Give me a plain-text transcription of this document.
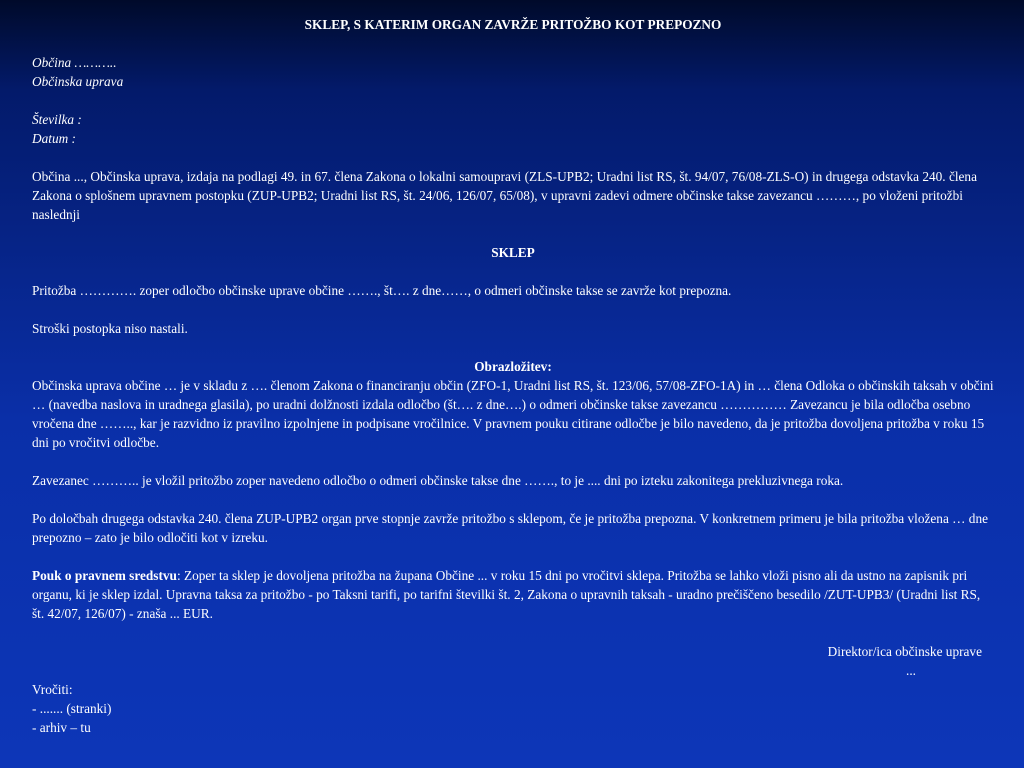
SKLEP, S KATERIM ORGAN ZAVRŽE PRITOŽBO KOT PREPOZNO
Občina ………..
Občinska uprava
Številka :
Datum :

Občina ..., Občinska uprava, izdaja na podlagi 49. in 67. člena Zakona o lokalni samoupravi (ZLS-UPB2; Uradni list RS, št. 94/07, 76/08-ZLS-O) in drugega odstavka 240. člena Zakona o splošnem upravnem postopku (ZUP-UPB2; Uradni list RS, št. 24/06, 126/07, 65/08), v upravni zadevi odmere občinske takse zavezancu ………, po vloženi pritožbi naslednji

SKLEP

Pritožba …………. zoper odločbo občinske uprave občine ……., št…. z dne……, o odmeri občinske takse se zavrže kot prepozna.

Stroški postopka niso nastali.

Obrazložitev:

Občinska uprava občine … je v skladu z …. členom Zakona o financiranju občin (ZFO-1, Uradni list RS, št. 123/06, 57/08-ZFO-1A) in … člena Odloka o občinskih taksah v občini … (navedba naslova in uradnega glasila), po uradni dolžnosti izdala odločbo (št…. z dne….) o odmeri občinske takse zavezancu …………… Zavezancu je bila odločba osebno vročena dne …….., kar je razvidno iz pravilno izpolnjene in podpisane vročilnice. V pravnem pouku citirane odločbe je bilo navedeno, da je pritožba dovoljena pritožba v roku 15 dni po vročitvi odločbe.

Zavezanec ……….. je vložil pritožbo zoper navedeno odločbo o odmeri občinske takse dne ……., to je .... dni po izteku zakonitega prekluzivnega roka.

Po določbah drugega odstavka 240. člena ZUP-UPB2 organ prve stopnje zavrže pritožbo s sklepom, če je pritožba prepozna. V konkretnem primeru je bila pritožba vložena … dne prepozno – zato je bilo odločiti kot v izreku.

Pouk o pravnem sredstvu: Zoper ta sklep je dovoljena pritožba na župana Občine ... v roku 15 dni po vročitvi sklepa. Pritožba se lahko vloži pisno ali da ustno na zapisnik pri organu, ki je sklep izdal. Upravna taksa za pritožbo - po Taksni tarifi, po tarifni številki št. 2, Zakona o upravnih taksah - uradno prečiščeno besedilo /ZUT-UPB3/ (Uradni list RS, št. 42/07, 126/07) - znaša ... EUR.

Direktor/ica občinske uprave
...
Vročiti:
- ....... (stranki)
- arhiv – tu
